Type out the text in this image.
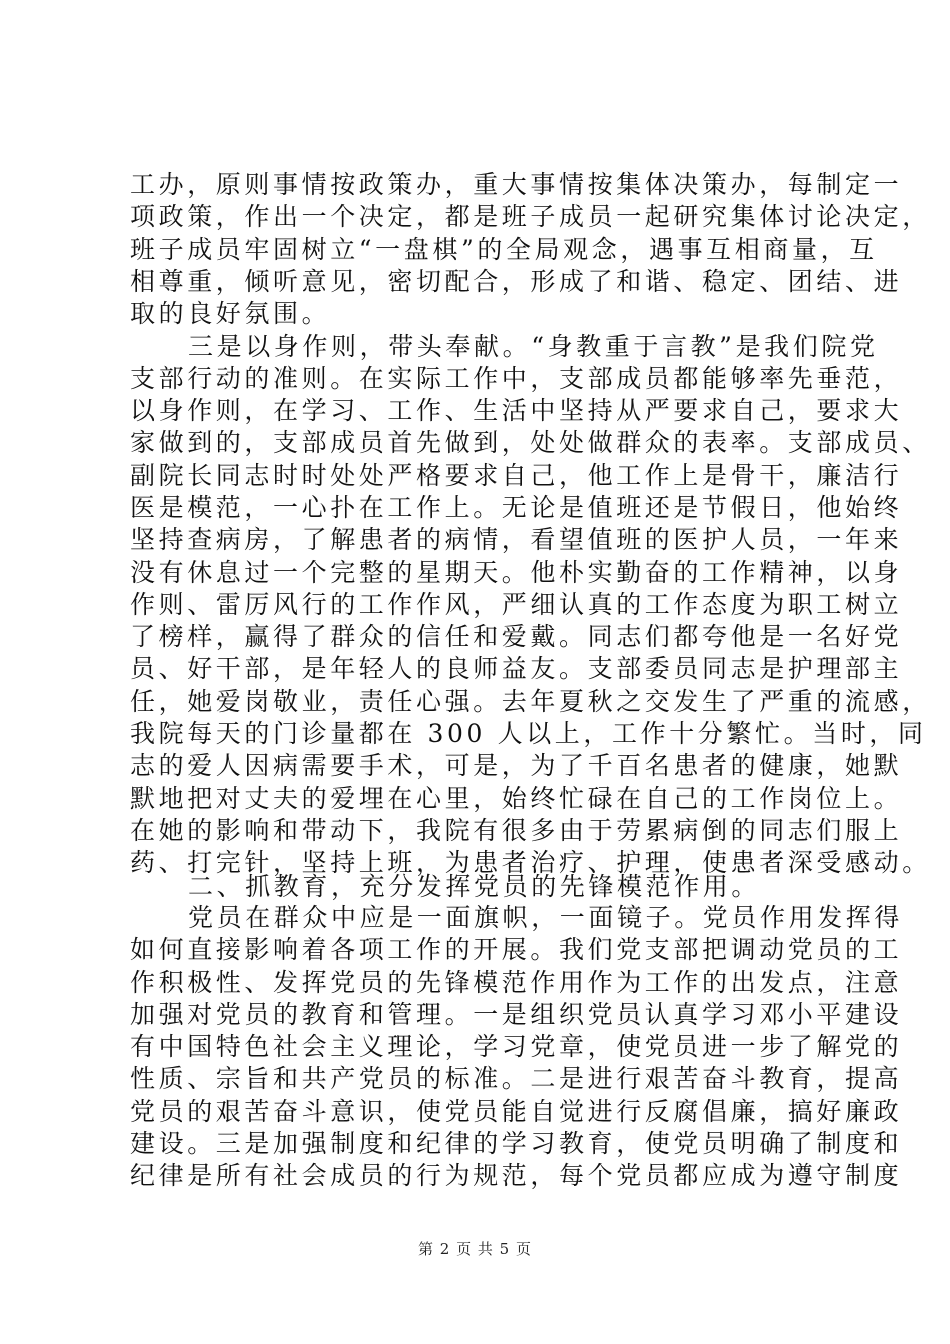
工办，原则事情按政策办，重大事情按集体决策办，每制定一
项政策，作出一个决定，都是班子成员一起研究集体讨论决定，
班子成员牢固树立“一盘棋”的全局观念，遇事互相商量，互
相尊重，倾听意见，密切配合，形成了和谐、稳定、团结、进
取的良好氛围。
三是以身作则，带头奉献。“身教重于言教”是我们院党
支部行动的准则。在实际工作中，支部成员都能够率先垂范，
以身作则，在学习、工作、生活中坚持从严要求自己，要求大
家做到的，支部成员首先做到，处处做群众的表率。支部成员、
副院长同志时时处处严格要求自己，他工作上是骨干，廉洁行
医是模范，一心扑在工作上。无论是值班还是节假日，他始终
坚持查病房，了解患者的病情，看望值班的医护人员，一年来
没有休息过一个完整的星期天。他朴实勤奋的工作精神，以身
作则、雷厉风行的工作作风，严细认真的工作态度为职工树立
了榜样，赢得了群众的信任和爱戴。同志们都夸他是一名好党
员、好干部，是年轻人的良师益友。支部委员同志是护理部主
任，她爱岗敬业，责任心强。去年夏秋之交发生了严重的流感，
我院每天的门诊量都在 300 人以上，工作十分繁忙。当时，同
志的爱人因病需要手术，可是，为了千百名患者的健康，她默
默地把对丈夫的爱埋在心里，始终忙碌在自己的工作岗位上。
在她的影响和带动下，我院有很多由于劳累病倒的同志们服上
药、打完针，坚持上班，为患者治疗、护理，使患者深受感动。
二、抓教育，充分发挥党员的先锋模范作用。
党员在群众中应是一面旗帜，一面镜子。党员作用发挥得
如何直接影响着各项工作的开展。我们党支部把调动党员的工
作积极性、发挥党员的先锋模范作用作为工作的出发点，注意
加强对党员的教育和管理。一是组织党员认真学习邓小平建设
有中国特色社会主义理论，学习党章，使党员进一步了解党的
性质、宗旨和共产党员的标准。二是进行艰苦奋斗教育，提高
党员的艰苦奋斗意识，使党员能自觉进行反腐倡廉，搞好廉政
建设。三是加强制度和纪律的学习教育，使党员明确了制度和
纪律是所有社会成员的行为规范，每个党员都应成为遵守制度
第 2 页 共 5 页
